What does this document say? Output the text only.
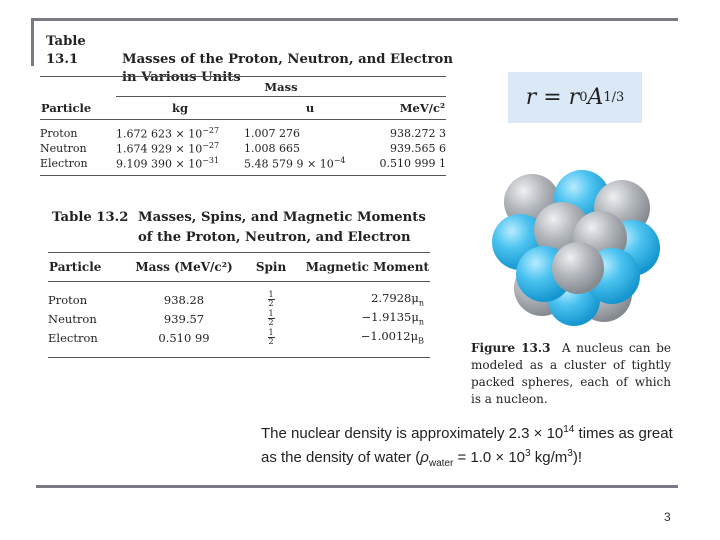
Table 13.1	Masses of the Proton, Neutron, and Electron
in Various Units
	Mass		
Particle	kg	u	MeV/c²
Proton	1.672 $623 \times 10^{-27}$	1.007 276	938.272 3
Neutron	1.674 $929 \times 10^{-27}$	1.008 665	939.565 6
Electron	9.109 $390 \times 10^{-31}$	5.48 579 $9 \times 10^{-4}$	0.510 999 1
Table 13.2 Masses, Spins, and Magnetic Moments
of the Proton, Neutron, and Electron
Particle	Mass (MeV/c²)	Spin	Magnetic Moment
Proton	938.28	$\frac{1}{2}$	$2.7928\mu_n$
Neutron	939.57	$\frac{1}{2}$	$-1.9135\mu_n$
Electron	0.510 99	$\frac{1}{2}$	$-1.0012\mu_B$
r
=
r 0 A 1/3
Figure 13.3 A nucleus can be modeled as a cluster of tightly packed spheres, each of which is a nucleon.
The nuclear density is approximately $2.3 \times 10^{14}$ times as great as the density of water ($\rho_{water} = 1.0 \times 10^3$ $kg/m^3$)!
3
